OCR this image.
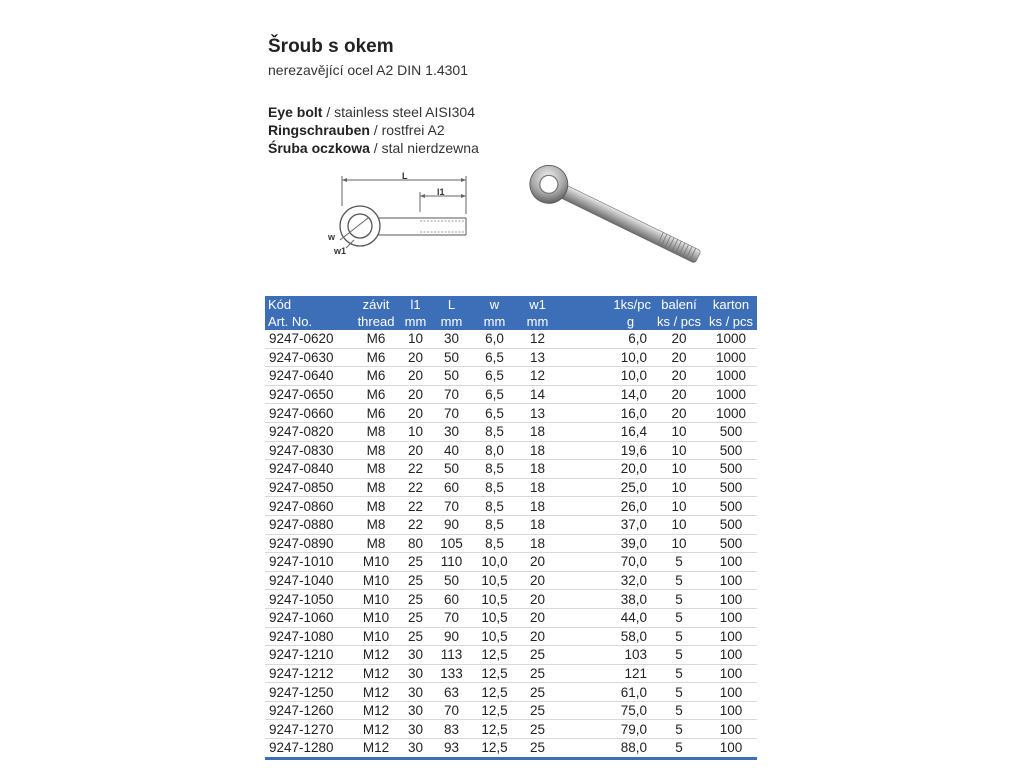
Šroub s okem
nerezavějící ocel A2 DIN 1.4301
Eye bolt / stainless steel AISI304
Ringschrauben / rostfrei A2
Śruba oczkowa / stal nierdzewna
L
l1
w
w1
Kód	závit	l1	L	w	w1		1ks/pc	balení	karton
Art. No.	thread	mm	mm	mm	mm		g	ks / pcs	ks / pcs
9247-0620	M6	10	30	6,0	12		6,0	20	1000
9247-0630	M6	20	50	6,5	13		10,0	20	1000
9247-0640	M6	20	50	6,5	12		10,0	20	1000
9247-0650	M6	20	70	6,5	14		14,0	20	1000
9247-0660	M6	20	70	6,5	13		16,0	20	1000
9247-0820	M8	10	30	8,5	18		16,4	10	500
9247-0830	M8	20	40	8,0	18		19,6	10	500
9247-0840	M8	22	50	8,5	18		20,0	10	500
9247-0850	M8	22	60	8,5	18		25,0	10	500
9247-0860	M8	22	70	8,5	18		26,0	10	500
9247-0880	M8	22	90	8,5	18		37,0	10	500
9247-0890	M8	80	105	8,5	18		39,0	10	500
9247-1010	M10	25	110	10,0	20		70,0	5	100
9247-1040	M10	25	50	10,5	20		32,0	5	100
9247-1050	M10	25	60	10,5	20		38,0	5	100
9247-1060	M10	25	70	10,5	20		44,0	5	100
9247-1080	M10	25	90	10,5	20		58,0	5	100
9247-1210	M12	30	113	12,5	25		103	5	100
9247-1212	M12	30	133	12,5	25		121	5	100
9247-1250	M12	30	63	12,5	25		61,0	5	100
9247-1260	M12	30	70	12,5	25		75,0	5	100
9247-1270	M12	30	83	12,5	25		79,0	5	100
9247-1280	M12	30	93	12,5	25		88,0	5	100
